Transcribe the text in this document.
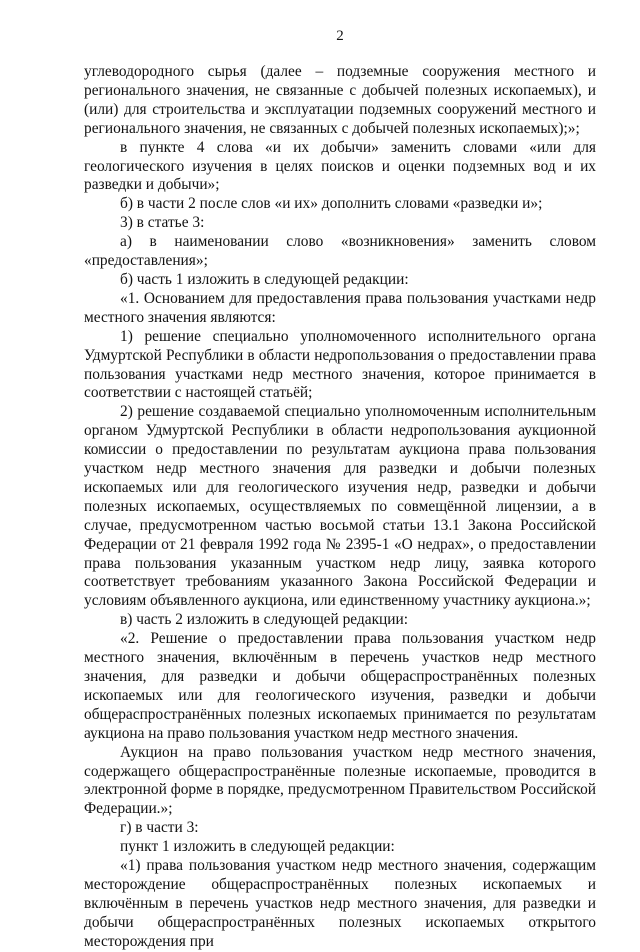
2

углеводородного сырья (далее – подземные сооружения местного и регионального значения, не связанные с добычей полезных ископаемых), и (или) для строительства и эксплуатации подземных сооружений местного и регионального значения, не связанных с добычей полезных ископаемых);»;

в пункте 4 слова «и их добычи» заменить словами «или для геологического изучения в целях поисков и оценки подземных вод и их разведки и добычи»;

б) в части 2 после слов «и их» дополнить словами «разведки и»;

3) в статье 3:

а) в наименовании слово «возникновения» заменить словом «предоставления»;

б) часть 1 изложить в следующей редакции:

«1. Основанием для предоставления права пользования участками недр местного значения являются:

1) решение специально уполномоченного исполнительного органа Удмуртской Республики в области недропользования о предоставлении права пользования участками недр местного значения, которое принимается в соответствии с настоящей статьёй;

2) решение создаваемой специально уполномоченным исполнительным органом Удмуртской Республики в области недропользования аукционной комиссии о предоставлении по результатам аукциона права пользования участком недр местного значения для разведки и добычи полезных ископаемых или для геологического изучения недр, разведки и добычи полезных ископаемых, осуществляемых по совмещённой лицензии, а в случае, предусмотренном частью восьмой статьи 13.1 Закона Российской Федерации от 21 февраля 1992 года № 2395-1 «О недрах», о предоставлении права пользования указанным участком недр лицу, заявка которого соответствует требованиям указанного Закона Российской Федерации и условиям объявленного аукциона, или единственному участнику аукциона.»;

в) часть 2 изложить в следующей редакции:

«2. Решение о предоставлении права пользования участком недр местного значения, включённым в перечень участков недр местного значения, для разведки и добычи общераспространённых полезных ископаемых или для геологического изучения, разведки и добычи общераспространённых полезных ископаемых принимается по результатам аукциона на право пользования участком недр местного значения.

Аукцион на право пользования участком недр местного значения, содержащего общераспространённые полезные ископаемые, проводится в электронной форме в порядке, предусмотренном Правительством Российской Федерации.»;

г) в части 3:

пункт 1 изложить в следующей редакции:

«1) права пользования участком недр местного значения, содержащим месторождение общераспространённых полезных ископаемых и включённым в перечень участков недр местного значения, для разведки и добычи общераспространённых полезных ископаемых открытого месторождения при
